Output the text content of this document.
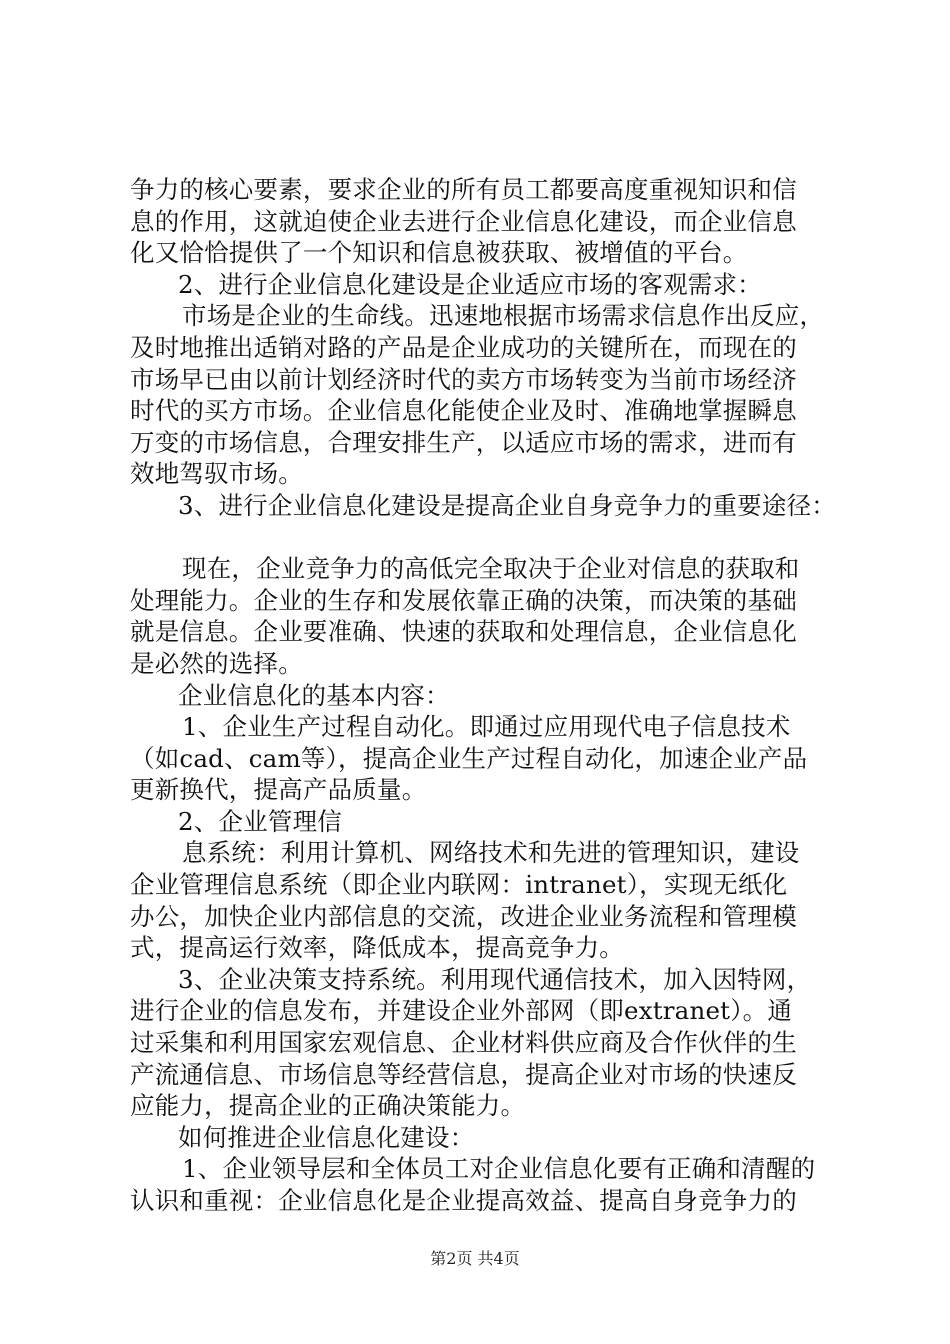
争力的核心要素，要求企业的所有员工都要高度重视知识和信
息的作用，这就迫使企业去进行企业信息化建设，而企业信息
化又恰恰提供了一个知识和信息被获取、被增值的平台。
2、进行企业信息化建设是企业适应市场的客观需求：
市场是企业的生命线。迅速地根据市场需求信息作出反应，
及时地推出适销对路的产品是企业成功的关键所在，而现在的
市场早已由以前计划经济时代的卖方市场转变为当前市场经济
时代的买方市场。企业信息化能使企业及时、准确地掌握瞬息
万变的市场信息，合理安排生产，以适应市场的需求，进而有
效地驾驭市场。
3、进行企业信息化建设是提高企业自身竞争力的重要途径：
现在，企业竞争力的高低完全取决于企业对信息的获取和
处理能力。企业的生存和发展依靠正确的决策，而决策的基础
就是信息。企业要准确、快速的获取和处理信息，企业信息化
是必然的选择。
企业信息化的基本内容：
1、企业生产过程自动化。即通过应用现代电子信息技术
（如cad、cam等），提高企业生产过程自动化，加速企业产品
更新换代，提高产品质量。
2、企业管理信
息系统：利用计算机、网络技术和先进的管理知识，建设
企业管理信息系统（即企业内联网：intranet），实现无纸化
办公，加快企业内部信息的交流，改进企业业务流程和管理模
式，提高运行效率，降低成本，提高竞争力。
3、企业决策支持系统。利用现代通信技术，加入因特网，
进行企业的信息发布，并建设企业外部网（即extranet）。通
过采集和利用国家宏观信息、企业材料供应商及合作伙伴的生
产流通信息、市场信息等经营信息，提高企业对市场的快速反
应能力，提高企业的正确决策能力。
如何推进企业信息化建设：
1、企业领导层和全体员工对企业信息化要有正确和清醒的
认识和重视：企业信息化是企业提高效益、提高自身竞争力的
第2页 共4页
